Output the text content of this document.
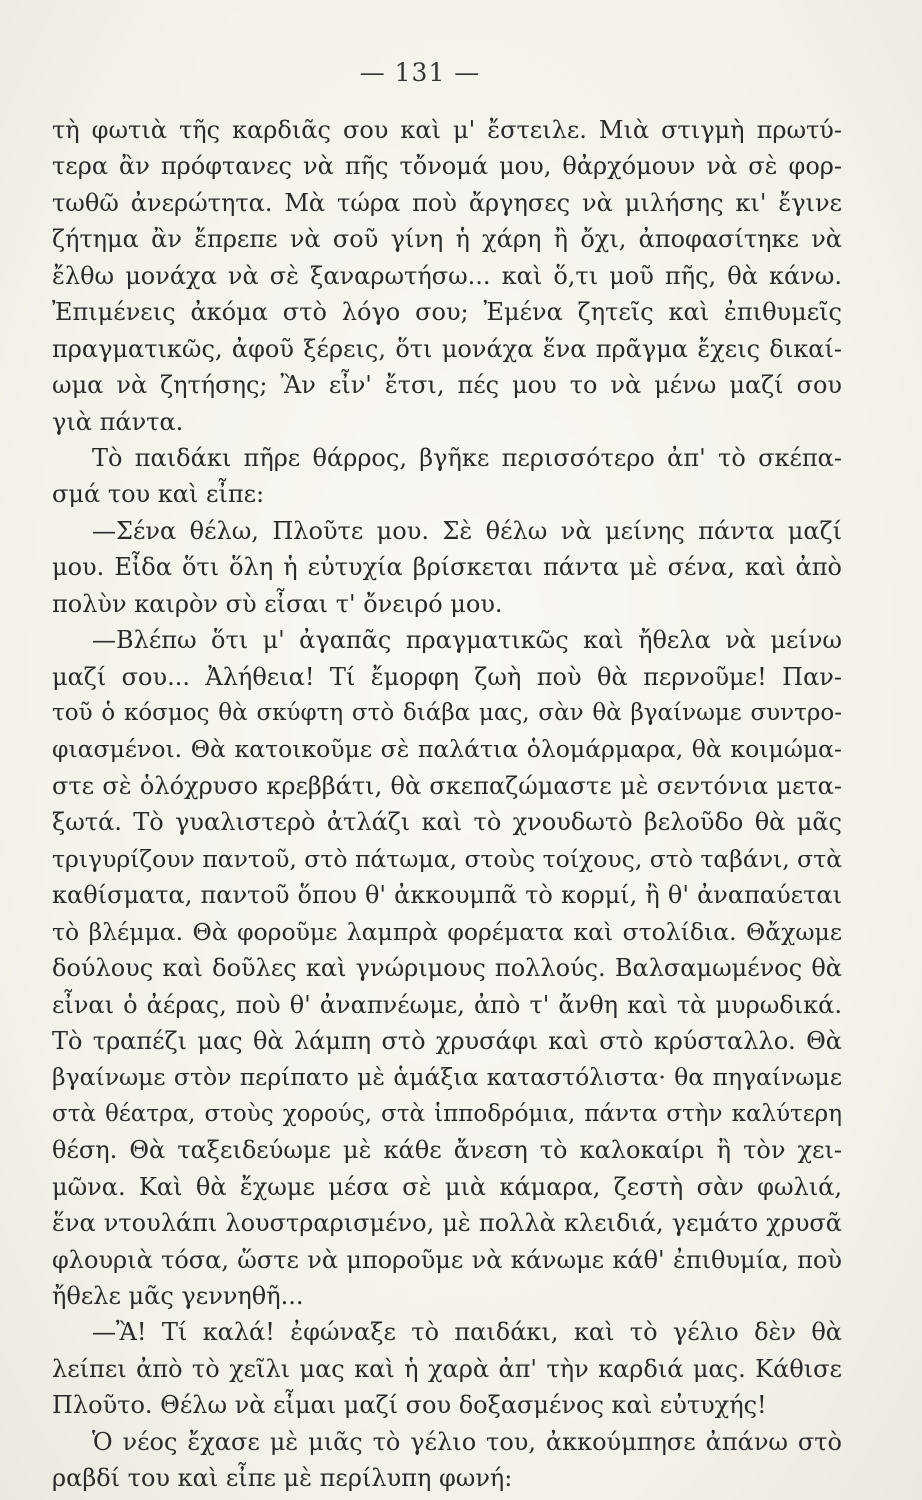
— 131 —
τὴ φωτιὰ τῆς καρδιᾶς σου καὶ μ' ἔστειλε. Μιὰ στιγμὴ πρωτύ-
τερα ἂν πρόφτανες νὰ πῆς τὄνομά μου, θἀρχόμουν νὰ σὲ φορ-
τωθῶ ἀνερώτητα. Μὰ τώρα ποὺ ἄργησες νὰ μιλήσης κι' ἔγινε
ζήτημα ἂν ἔπρεπε νὰ σοῦ γίνη ἡ χάρη ἢ ὄχι, ἀποφασίτηκε νὰ
ἔλθω μονάχα νὰ σὲ ξαναρωτήσω... καὶ ὅ,τι μοῦ πῆς, θὰ κάνω.
Ἐπιμένεις ἀκόμα στὸ λόγο σου; Ἐμένα ζητεῖς καὶ ἐπιθυμεῖς
πραγματικῶς, ἀφοῦ ξέρεις, ὅτι μονάχα ἕνα πρᾶγμα ἔχεις δικαί-
ωμα νὰ ζητήσης; Ἂν εἶν' ἔτσι, πές μου το νὰ μένω μαζί σου
γιὰ πάντα.
Τὸ παιδάκι πῆρε θάρρος, βγῆκε περισσότερο ἀπ' τὸ σκέπα-
σμά του καὶ εἶπε:
—Σένα θέλω, Πλοῦτε μου. Σὲ θέλω νὰ μείνης πάντα μαζί
μου. Εἶδα ὅτι ὅλη ἡ εὐτυχία βρίσκεται πάντα μὲ σένα, καὶ ἀπὸ
πολὺν καιρὸν σὺ εἶσαι τ' ὄνειρό μου.
—Βλέπω ὅτι μ' ἀγαπᾶς πραγματικῶς καὶ ἤθελα νὰ μείνω
μαζί σου... Ἀλήθεια! Τί ἔμορφη ζωὴ ποὺ θὰ περνοῦμε! Παν-
τοῦ ὁ κόσμος θὰ σκύφτη στὸ διάβα μας, σὰν θὰ βγαίνωμε συντρο-
φιασμένοι. Θὰ κατοικοῦμε σὲ παλάτια ὁλομάρμαρα, θὰ κοιμώμα-
στε σὲ ὁλόχρυσο κρεββάτι, θὰ σκεπαζώμαστε μὲ σεντόνια μετα-
ξωτά. Τὸ γυαλιστερὸ ἀτλάζι καὶ τὸ χνουδωτὸ βελοῦδο θὰ μᾶς
τριγυρίζουν παντοῦ, στὸ πάτωμα, στοὺς τοίχους, στὸ ταβάνι, στὰ
καθίσματα, παντοῦ ὅπου θ' ἀκκουμπᾶ τὸ κορμί, ἢ θ' ἀναπαύεται
τὸ βλέμμα. Θὰ φοροῦμε λαμπρὰ φορέματα καὶ στολίδια. Θἄχωμε
δούλους καὶ δοῦλες καὶ γνώριμους πολλούς. Βαλσαμωμένος θὰ
εἶναι ὁ ἀέρας, ποὺ θ' ἀναπνέωμε, ἀπὸ τ' ἄνθη καὶ τὰ μυρωδικά.
Τὸ τραπέζι μας θὰ λάμπη στὸ χρυσάφι καὶ στὸ κρύσταλλο. Θὰ
βγαίνωμε στὸν περίπατο μὲ ἁμάξια καταστόλιστα· θα πηγαίνωμε
στὰ θέατρα, στοὺς χορούς, στὰ ἱπποδρόμια, πάντα στὴν καλύτερη
θέση. Θὰ ταξειδεύωμε μὲ κάθε ἄνεση τὸ καλοκαίρι ἢ τὸν χει-
μῶνα. Καὶ θὰ ἔχωμε μέσα σὲ μιὰ κάμαρα, ζεστὴ σὰν φωλιά,
ἕνα ντουλάπι λουστραρισμένο, μὲ πολλὰ κλειδιά, γεμάτο χρυσᾶ
φλουριὰ τόσα, ὥστε νὰ μποροῦμε νὰ κάνωμε κάθ' ἐπιθυμία, ποὺ
ἤθελε μᾶς γεννηθῆ...
—Ἂ! Τί καλά! ἐφώναξε τὸ παιδάκι, καὶ τὸ γέλιο δὲν θὰ
λείπει ἀπὸ τὸ χεῖλι μας καὶ ἡ χαρὰ ἀπ' τὴν καρδιά μας. Κάθισε
Πλοῦτο. Θέλω νὰ εἶμαι μαζί σου δοξασμένος καὶ εὐτυχής!
Ὁ νέος ἔχασε μὲ μιᾶς τὸ γέλιο του, ἀκκούμπησε ἀπάνω στὸ
ραβδί του καὶ εἶπε μὲ περίλυπη φωνή:
